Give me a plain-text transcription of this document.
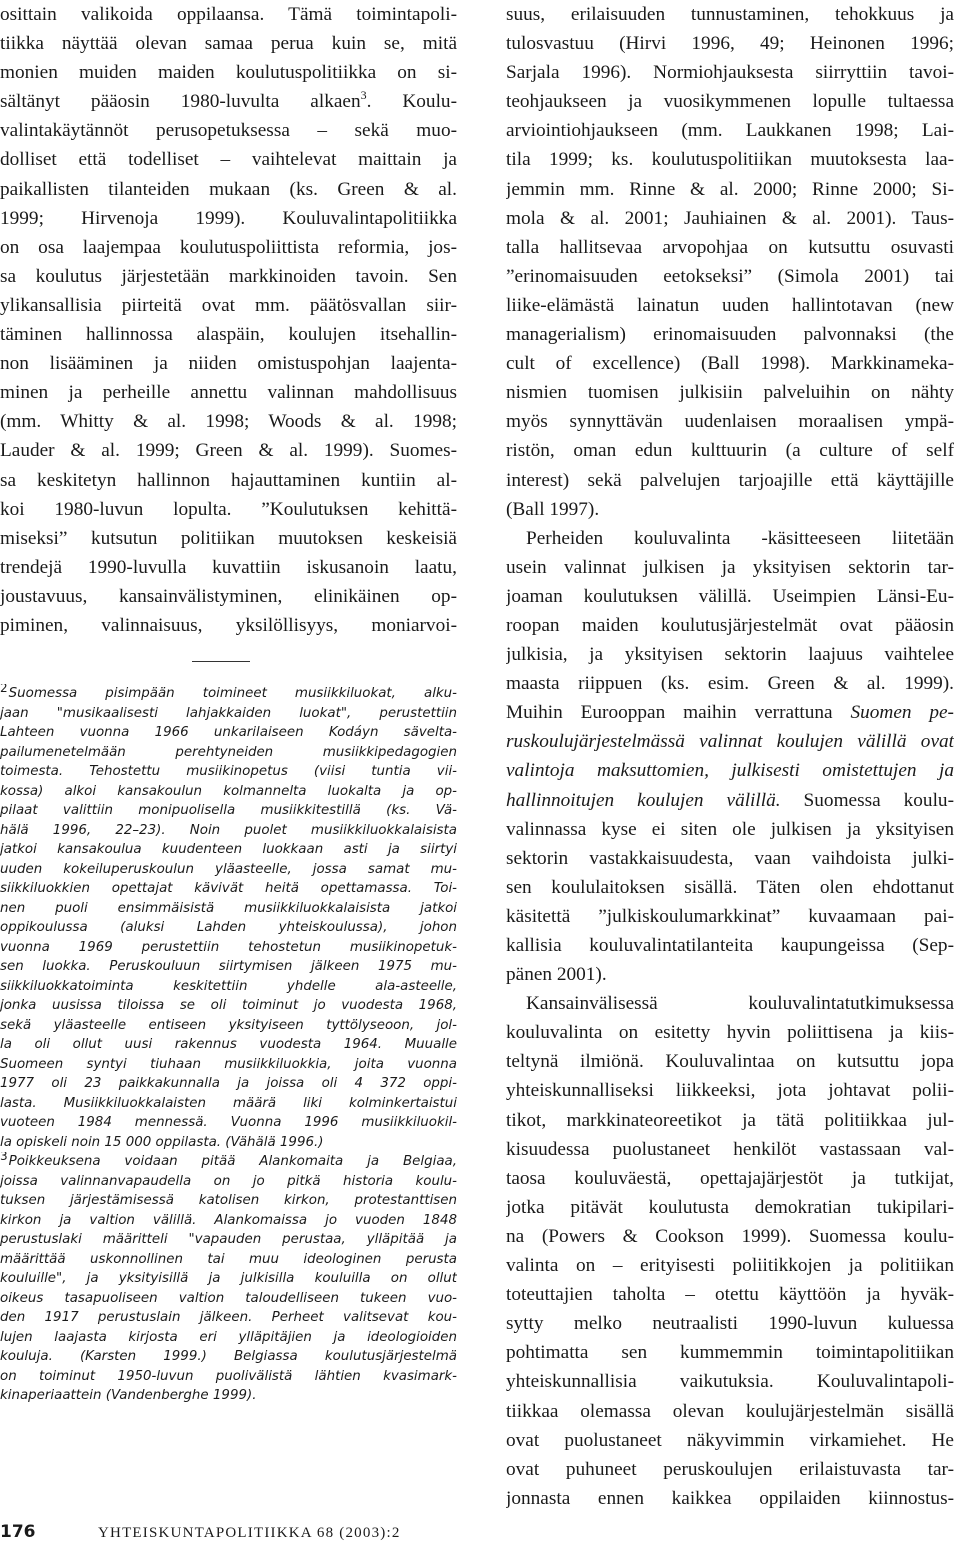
osittain valikoida oppilaansa. Tämä toimintapoli-
tiikka näyttää olevan samaa perua kuin se, mitä
monien muiden maiden koulutuspolitiikka on si-
sältänyt pääosin 1980-luvulta alkaen$^3$. Koulu-
valintakäytännöt perusopetuksessa – sekä muo-
dolliset että todelliset – vaihtelevat maittain ja
paikallisten tilanteiden mukaan (ks. Green & al.
1999; Hirvenoja 1999). Kouluvalintapolitiikka
on osa laajempaa koulutuspoliittista reformia, jos-
sa koulutus järjestetään markkinoiden tavoin. Sen
ylikansallisia piirteitä ovat mm. päätösvallan siir-
täminen hallinnossa alaspäin, koulujen itsehallin-
non lisääminen ja niiden omistuspohjan laajenta-
minen ja perheille annettu valinnan mahdollisuus
(mm. Whitty & al. 1998; Woods & al. 1998;
Lauder & al. 1999; Green & al. 1999). Suomes-
sa keskitetyn hallinnon hajauttaminen kuntiin al-
koi 1980-luvun lopulta. ”Koulutuksen kehittä-
miseksi” kutsutun politiikan muutoksen keskeisiä
trendejä 1990-luvulla kuvattiin iskusanoin laatu,
joustavuus, kansainvälistyminen, elinikäinen op-
piminen, valinnaisuus, yksilöllisyys, moniarvoi-
suus, erilaisuuden tunnustaminen, tehokkuus ja
tulosvastuu (Hirvi 1996, 49; Heinonen 1996;
Sarjala 1996). Normiohjauksesta siirryttiin tavoi-
teohjaukseen ja vuosikymmenen lopulle tultaessa
arviointiohjaukseen (mm. Laukkanen 1998; Lai-
tila 1999; ks. koulutuspolitiikan muutoksesta laa-
jemmin mm. Rinne & al. 2000; Rinne 2000; Si-
mola & al. 2001; Jauhiainen & al. 2001). Taus-
talla hallitsevaa arvopohjaa on kutsuttu osuvasti
”erinomaisuuden eetokseksi” (Simola 2001) tai
liike-elämästä lainatun uuden hallintotavan (new
managerialism) erinomaisuuden palvonnaksi (the
cult of excellence) (Ball 1998). Markkinameka-
nismien tuomisen julkisiin palveluihin on nähty
myös synnyttävän uudenlaisen moraalisen ympä-
ristön, oman edun kulttuurin (a culture of self
interest) sekä palvelujen tarjoajille että käyttäjille
(Ball 1997).
Perheiden kouluvalinta -käsitteeseen liitetään
usein valinnat julkisen ja yksityisen sektorin tar-
joaman koulutuksen välillä. Useimpien Länsi-Eu-
roopan maiden koulutusjärjestelmät ovat pääosin
julkisia, ja yksityisen sektorin laajuus vaihtelee
maasta riippuen (ks. esim. Green & al. 1999).
Muihin Eurooppan maihin verrattuna Suomen pe-
ruskoulujärjestelmässä valinnat koulujen välillä ovat
valintoja maksuttomien, julkisesti omistettujen ja
hallinnoitujen koulujen välillä. Suomessa koulu-
valinnassa kyse ei siten ole julkisen ja yksityisen
sektorin vastakkaisuudesta, vaan vaihdoista julki-
sen koululaitoksen sisällä. Täten olen ehdottanut
käsitettä ”julkiskoulumarkkinat” kuvaamaan pai-
kallisia kouluvalintatilanteita kaupungeissa (Sep-
pänen 2001).
Kansainvälisessä kouluvalintatutkimuksessa
kouluvalinta on esitetty hyvin poliittisena ja kiis-
teltynä ilmiönä. Kouluvalintaa on kutsuttu jopa
yhteiskunnalliseksi liikkeeksi, jota johtavat polii-
tikot, markkinateoreetikot ja tätä politiikkaa jul-
kisuudessa puolustaneet henkilöt vastassaan val-
taosa kouluväestä, opettajajärjestöt ja tutkijat,
jotka pitävät koulutusta demokratian tukipilari-
na (Powers & Cookson 1999). Suomessa koulu-
valinta on – erityisesti poliitikkojen ja politiikan
toteuttajien taholta – otettu käyttöön ja hyväk-
sytty melko neutraalisti 1990-luvun kuluessa
pohtimatta sen kummemmin toimintapolitiikan
yhteiskunnallisia vaikutuksia. Kouluvalintapoli-
tiikkaa olemassa olevan koulujärjestelmän sisällä
ovat puolustaneet näkyvimmin virkamiehet. He
ovat puhuneet peruskoulujen erilaistuvasta tar-
jonnasta ennen kaikkea oppilaiden kiinnostus-
2Suomessa pisimpään toimineet musiikkiluokat, alku-
jaan "musikaalisesti lahjakkaiden luokat", perustettiin
Lahteen vuonna 1966 unkarilaiseen Kodáyn sävelta-
pailumenetelmään perehtyneiden musiikkipedagogien
toimesta. Tehostettu musiikinopetus (viisi tuntia vii-
kossa) alkoi kansakoulun kolmannelta luokalta ja op-
pilaat valittiin monipuolisella musiikkitestillä (ks. Vä-
hälä 1996, 22–23). Noin puolet musiikkiluokkalaisista
jatkoi kansakoulua kuudenteen luokkaan asti ja siirtyi
uuden kokeiluperuskoulun yläasteelle, jossa samat mu-
siikkiluokkien opettajat kävivät heitä opettamassa. Toi-
nen puoli ensimmäisistä musiikkiluokkalaisista jatkoi
oppikoulussa (aluksi Lahden yhteiskoulussa), johon
vuonna 1969 perustettiin tehostetun musiikinopetuk-
sen luokka. Peruskouluun siirtymisen jälkeen 1975 mu-
siikkiluokkatoiminta keskitettiin yhdelle ala-asteelle,
jonka uusissa tiloissa se oli toiminut jo vuodesta 1968,
sekä yläasteelle entiseen yksityiseen tyttölyseoon, jol-
la oli ollut uusi rakennus vuodesta 1964. Muualle
Suomeen syntyi tiuhaan musiikkiluokkia, joita vuonna
1977 oli 23 paikkakunnalla ja joissa oli 4 372 oppi-
lasta. Musiikkiluokkalaisten määrä liki kolminkertaistui
vuoteen 1984 mennessä. Vuonna 1996 musiikkiluokil-
la opiskeli noin 15 000 oppilasta. (Vähälä 1996.)
3Poikkeuksena voidaan pitää Alankomaita ja Belgiaa,
joissa valinnanvapaudella on jo pitkä historia koulu-
tuksen järjestämisessä katolisen kirkon, protestanttisen
kirkon ja valtion välillä. Alankomaissa jo vuoden 1848
perustuslaki määritteli "vapauden perustaa, ylläpitää ja
määrittää uskonnollinen tai muu ideologinen perusta
kouluille", ja yksityisillä ja julkisilla kouluilla on ollut
oikeus tasapuoliseen valtion taloudelliseen tukeen vuo-
den 1917 perustuslain jälkeen. Perheet valitsevat kou-
lujen laajasta kirjosta eri ylläpitäjien ja ideologioiden
kouluja. (Karsten 1999.) Belgiassa koulutusjärjestelmä
on toiminut 1950-luvun puolivälistä lähtien kvasimark-
kinaperiaattein (Vandenberghe 1999).
176	YHTEISKUNTAPOLITIIKKA 68 (2003):2
